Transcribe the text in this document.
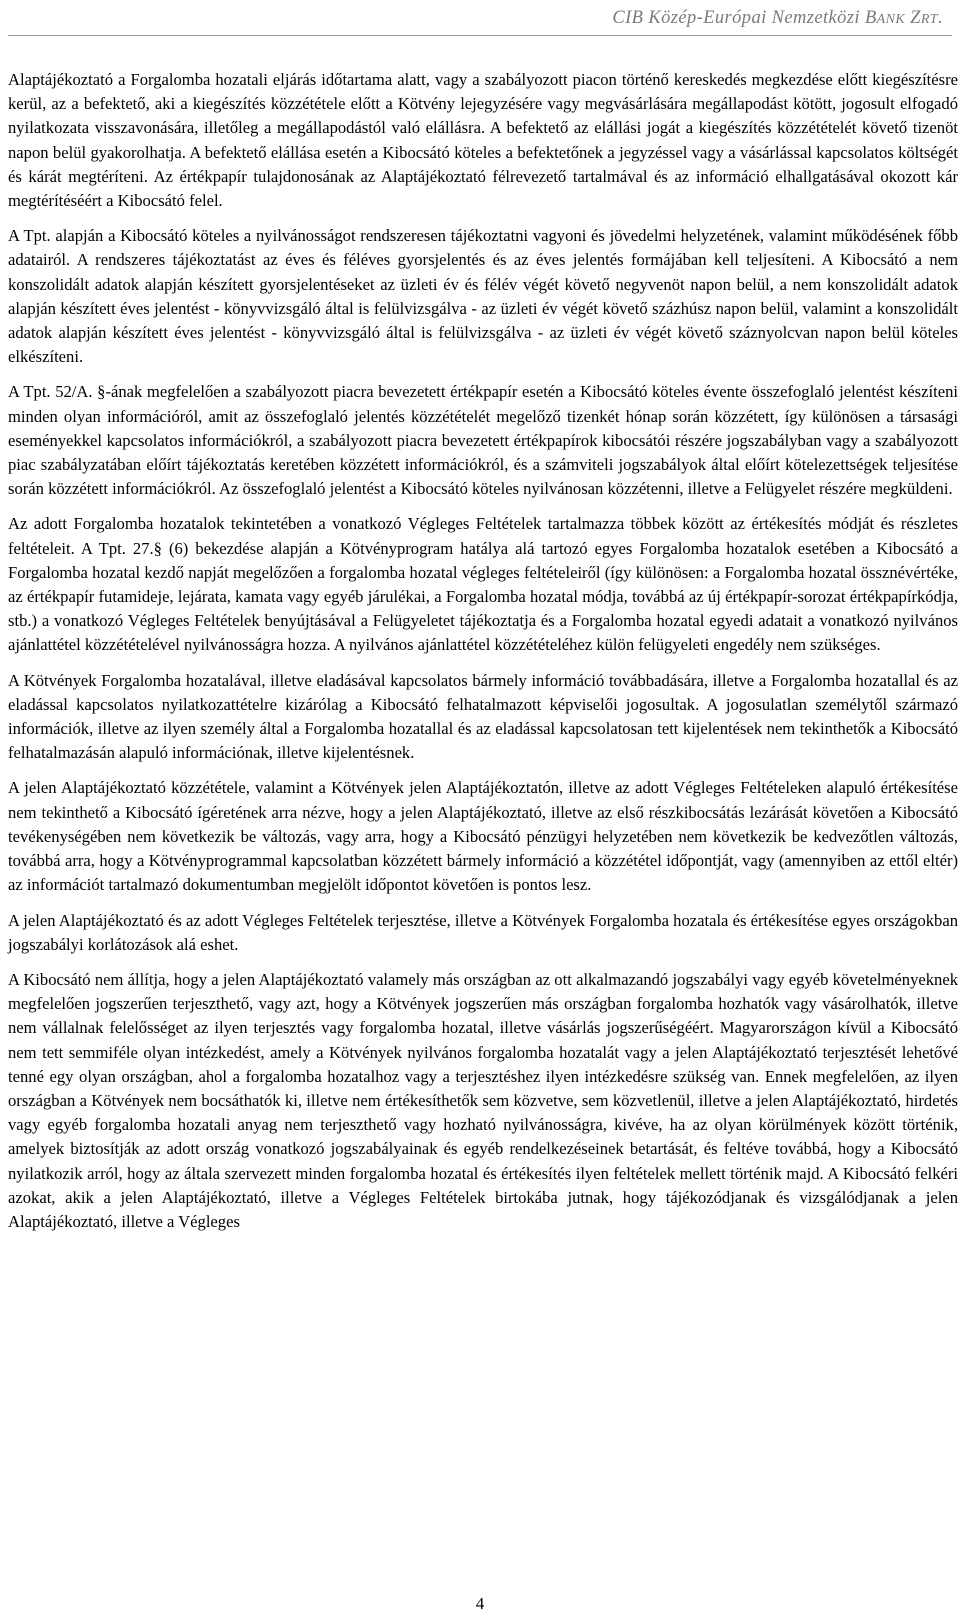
CIB Közép-Európai Nemzetközi BANK ZRT.

Alaptájékoztató a Forgalomba hozatali eljárás időtartama alatt, vagy a szabályozott piacon történő kereskedés megkezdése előtt kiegészítésre kerül, az a befektető, aki a kiegészítés közzététele előtt a Kötvény lejegyzésére vagy megvásárlására megállapodást kötött, jogosult elfogadó nyilatkozata visszavonására, illetőleg a megállapodástól való elállásra. A befektető az elállási jogát a kiegészítés közzétételét követő tizenöt napon belül gyakorolhatja. A befektető elállása esetén a Kibocsátó köteles a befektetőnek a jegyzéssel vagy a vásárlással kapcsolatos költségét és kárát megtéríteni. Az értékpapír tulajdonosának az Alaptájékoztató félrevezető tartalmával és az információ elhallgatásával okozott kár megtérítéséért a Kibocsátó felel.

A Tpt. alapján a Kibocsátó köteles a nyilvánosságot rendszeresen tájékoztatni vagyoni és jövedelmi helyzetének, valamint működésének főbb adatairól. A rendszeres tájékoztatást az éves és féléves gyorsjelentés és az éves jelentés formájában kell teljesíteni. A Kibocsátó a nem konszolidált adatok alapján készített gyorsjelentéseket az üzleti év és félév végét követő negyvenöt napon belül, a nem konszolidált adatok alapján készített éves jelentést - könyvvizsgáló által is felülvizsgálva - az üzleti év végét követő százhúsz napon belül, valamint a konszolidált adatok alapján készített éves jelentést - könyvvizsgáló által is felülvizsgálva - az üzleti év végét követő száznyolcvan napon belül köteles elkészíteni.

A Tpt. 52/A. §-ának megfelelően a szabályozott piacra bevezetett értékpapír esetén a Kibocsátó köteles évente összefoglaló jelentést készíteni minden olyan információról, amit az összefoglaló jelentés közzétételét megelőző tizenkét hónap során közzétett, így különösen a társasági eseményekkel kapcsolatos információkról, a szabályozott piacra bevezetett értékpapírok kibocsátói részére jogszabályban vagy a szabályozott piac szabályzatában előírt tájékoztatás keretében közzétett információkról, és a számviteli jogszabályok által előírt kötelezettségek teljesítése során közzétett információkról. Az összefoglaló jelentést a Kibocsátó köteles nyilvánosan közzétenni, illetve a Felügyelet részére megküldeni.

Az adott Forgalomba hozatalok tekintetében a vonatkozó Végleges Feltételek tartalmazza többek között az értékesítés módját és részletes feltételeit. A Tpt. 27.§ (6) bekezdése alapján a Kötvényprogram hatálya alá tartozó egyes Forgalomba hozatalok esetében a Kibocsátó a Forgalomba hozatal kezdő napját megelőzően a forgalomba hozatal végleges feltételeiről (így különösen: a Forgalomba hozatal össznévértéke, az értékpapír futamideje, lejárata, kamata vagy egyéb járulékai, a Forgalomba hozatal módja, továbbá az új értékpapír-sorozat értékpapírkódja, stb.) a vonatkozó Végleges Feltételek benyújtásával a Felügyeletet tájékoztatja és a Forgalomba hozatal egyedi adatait a vonatkozó nyilvános ajánlattétel közzétételével nyilvánosságra hozza. A nyilvános ajánlattétel közzétételéhez külön felügyeleti engedély nem szükséges.

A Kötvények Forgalomba hozatalával, illetve eladásával kapcsolatos bármely információ továbbadására, illetve a Forgalomba hozatallal és az eladással kapcsolatos nyilatkozattételre kizárólag a Kibocsátó felhatalmazott képviselői jogosultak. A jogosulatlan személytől származó információk, illetve az ilyen személy által a Forgalomba hozatallal és az eladással kapcsolatosan tett kijelentések nem tekinthetők a Kibocsátó felhatalmazásán alapuló információnak, illetve kijelentésnek.

A jelen Alaptájékoztató közzététele, valamint a Kötvények jelen Alaptájékoztatón, illetve az adott Végleges Feltételeken alapuló értékesítése nem tekinthető a Kibocsátó ígéretének arra nézve, hogy a jelen Alaptájékoztató, illetve az első részkibocsátás lezárását követően a Kibocsátó tevékenységében nem következik be változás, vagy arra, hogy a Kibocsátó pénzügyi helyzetében nem következik be kedvezőtlen változás, továbbá arra, hogy a Kötvényprogrammal kapcsolatban közzétett bármely információ a közzététel időpontját, vagy (amennyiben az ettől eltér) az információt tartalmazó dokumentumban megjelölt időpontot követően is pontos lesz.

A jelen Alaptájékoztató és az adott Végleges Feltételek terjesztése, illetve a Kötvények Forgalomba hozatala és értékesítése egyes országokban jogszabályi korlátozások alá eshet.

A Kibocsátó nem állítja, hogy a jelen Alaptájékoztató valamely más országban az ott alkalmazandó jogszabályi vagy egyéb követelményeknek megfelelően jogszerűen terjeszthető, vagy azt, hogy a Kötvények jogszerűen más országban forgalomba hozhatók vagy vásárolhatók, illetve nem vállalnak felelősséget az ilyen terjesztés vagy forgalomba hozatal, illetve vásárlás jogszerűségéért. Magyarországon kívül a Kibocsátó nem tett semmiféle olyan intézkedést, amely a Kötvények nyilvános forgalomba hozatalát vagy a jelen Alaptájékoztató terjesztését lehetővé tenné egy olyan országban, ahol a forgalomba hozatalhoz vagy a terjesztéshez ilyen intézkedésre szükség van. Ennek megfelelően, az ilyen országban a Kötvények nem bocsáthatók ki, illetve nem értékesíthetők sem közvetve, sem közvetlenül, illetve a jelen Alaptájékoztató, hirdetés vagy egyéb forgalomba hozatali anyag nem terjeszthető vagy hozható nyilvánosságra, kivéve, ha az olyan körülmények között történik, amelyek biztosítják az adott ország vonatkozó jogszabályainak és egyéb rendelkezéseinek betartását, és feltéve továbbá, hogy a Kibocsátó nyilatkozik arról, hogy az általa szervezett minden forgalomba hozatal és értékesítés ilyen feltételek mellett történik majd. A Kibocsátó felkéri azokat, akik a jelen Alaptájékoztató, illetve a Végleges Feltételek birtokába jutnak, hogy tájékozódjanak és vizsgálódjanak a jelen Alaptájékoztató, illetve a Végleges

4
